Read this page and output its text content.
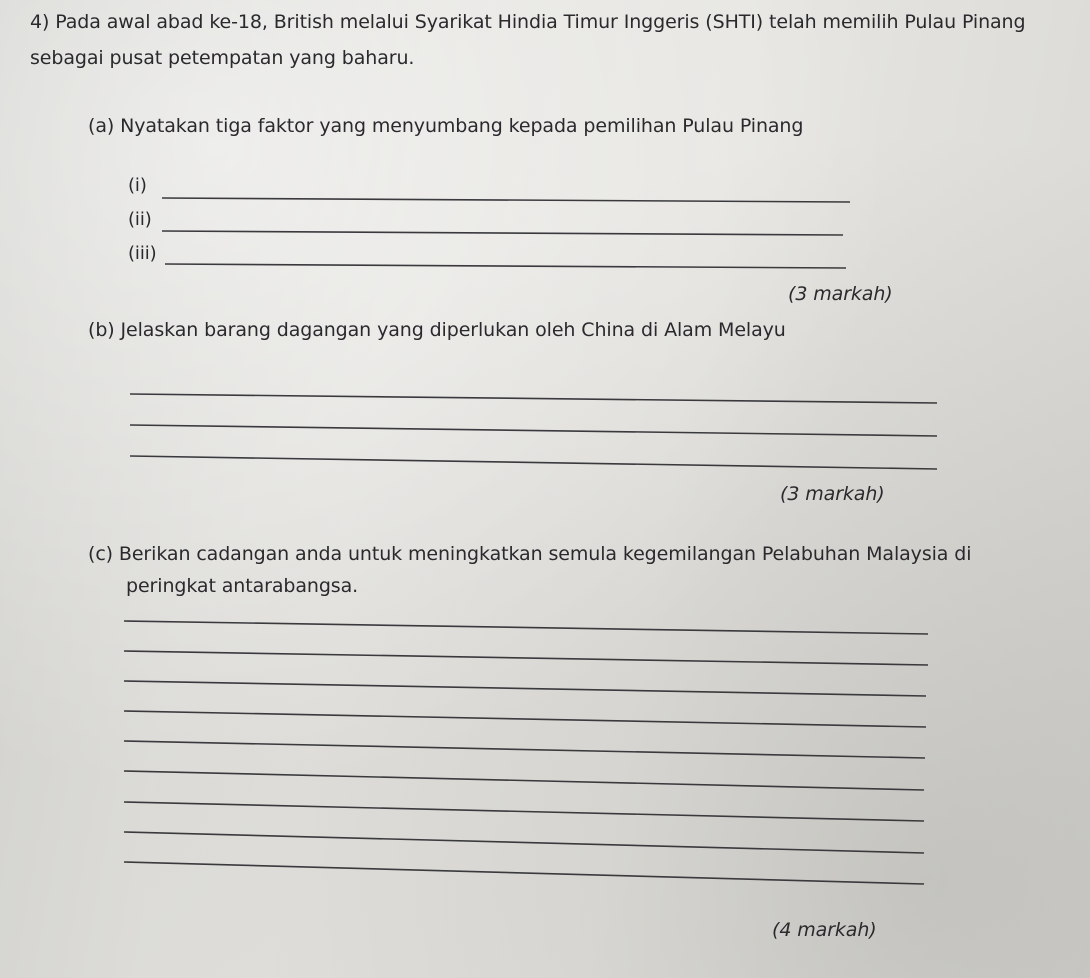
4) Pada awal abad ke-18, British melalui Syarikat Hindia Timur Inggeris (SHTI) telah memilih Pulau Pinang
sebagai pusat petempatan yang baharu.
(a) Nyatakan tiga faktor yang menyumbang kepada pemilihan Pulau Pinang
(i)
(ii)
(iii)
(3 markah)
(b) Jelaskan barang dagangan yang diperlukan oleh China di Alam Melayu
(3 markah)
(c) Berikan cadangan anda untuk meningkatkan semula kegemilangan Pelabuhan Malaysia di
peringkat antarabangsa.
(4 markah)
